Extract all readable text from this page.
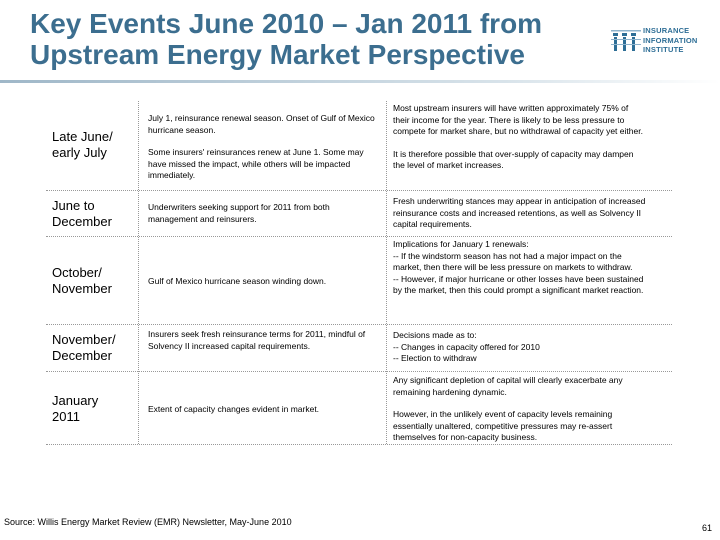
Key Events June 2010 – Jan 2011 from
Upstream Energy Market Perspective
INSURANCE
INFORMATION
INSTITUTE
Late June/ early July

July 1, reinsurance renewal season. Onset of Gulf of Mexico hurricane season.

Some insurers' reinsurances renew at June 1. Some may have missed the impact, while others will be impacted immediately.

Most upstream insurers will have written approximately 75% of their income for the year. There is likely to be less pressure to compete for market share, but no withdrawal of capacity yet either.

It is therefore possible that over-supply of capacity may dampen the level of market increases.

June to December

Underwriters seeking support for 2011 from both management and reinsurers.

Fresh underwriting stances may appear in anticipation of increased reinsurance costs and increased retentions, as well as Solvency II capital requirements.

October/ November	Gulf of Mexico hurricane season winding down.

Implications for January 1 renewals:

-- If the windstorm season has not had a major impact on the market, then there will be less pressure on markets to withdraw.

-- However, if major hurricane or other losses have been sustained by the market, then this could prompt a significant market reaction.

November/ December

Insurers seek fresh reinsurance terms for 2011, mindful of Solvency II increased capital requirements.

Decisions made as to:

-- Changes in capacity offered for 2010

-- Election to withdraw

January 2011	Extent of capacity changes evident in market.

Any significant depletion of capital will clearly exacerbate any remaining hardening dynamic.

However, in the unlikely event of capacity levels remaining essentially unaltered, competitive pressures may re-assert themselves for non-capacity business.

Source: Willis Energy Market Review (EMR) Newsletter, May-June 2010
61
